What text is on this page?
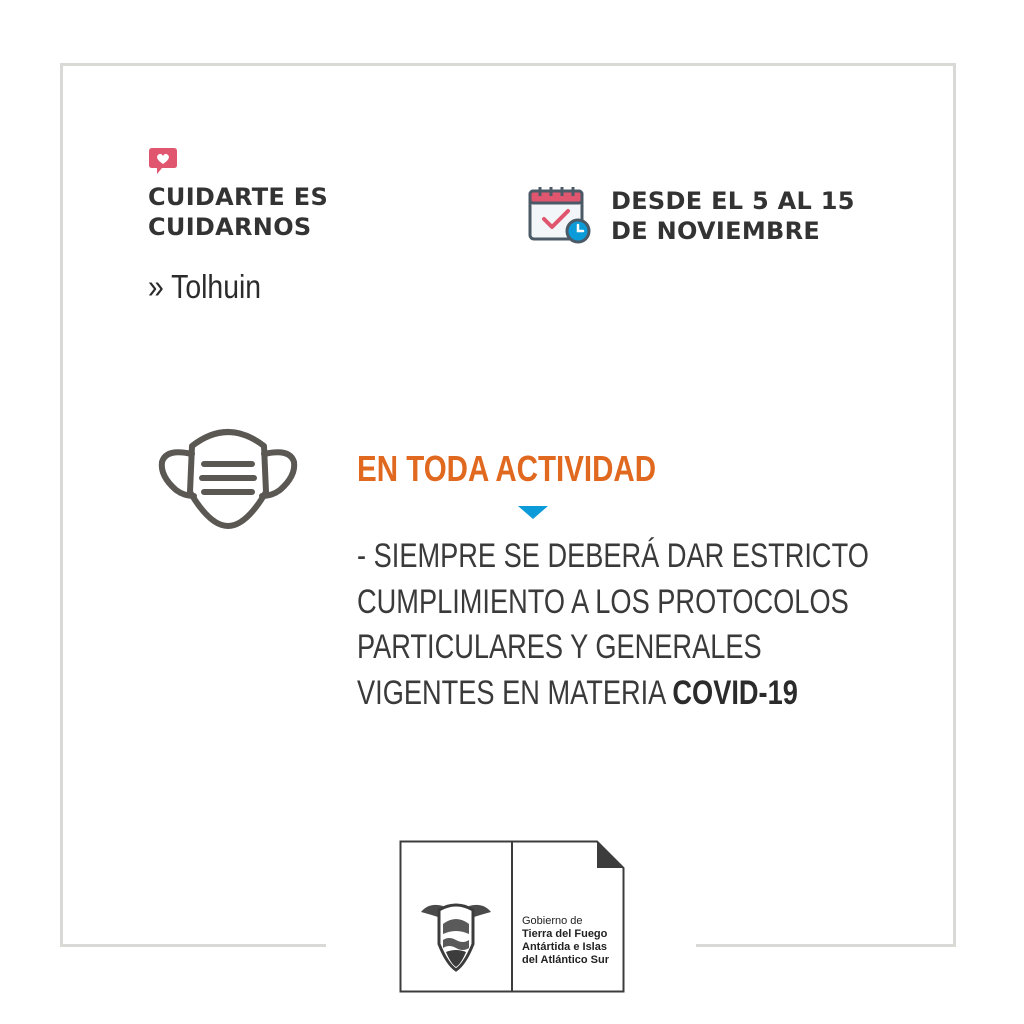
CUIDARTE ES
CUIDARNOS
» Tolhuin
DESDE EL 5 AL 15
DE NOVIEMBRE
EN TODA ACTIVIDAD
- SIEMPRE SE DEBERÁ DAR ESTRICTO
CUMPLIMIENTO A LOS PROTOCOLOS
PARTICULARES Y GENERALES
VIGENTES EN MATERIA COVID-19
Gobierno de
Tierra del Fuego
Antártida e Islas
del Atlántico Sur
